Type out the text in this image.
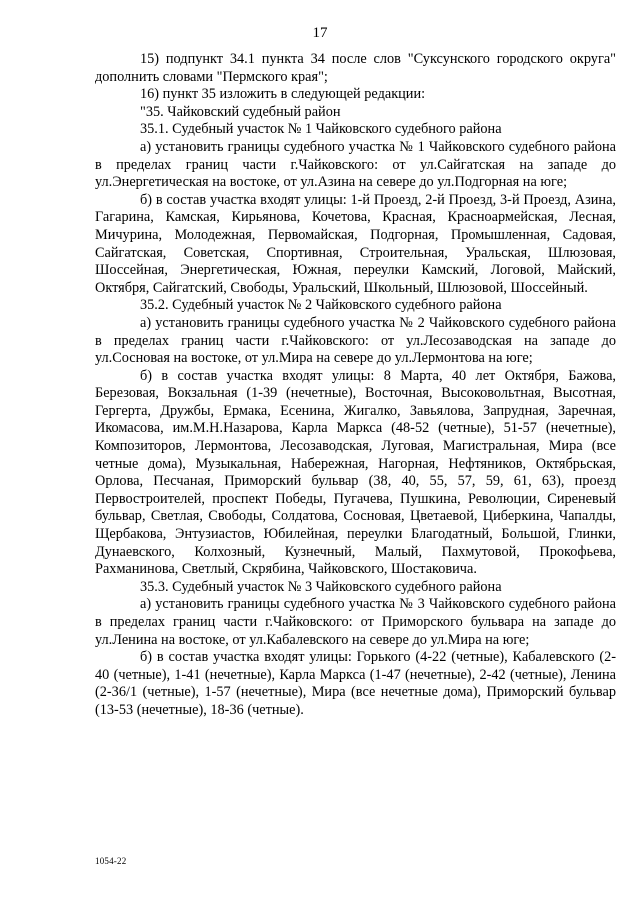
17

15) подпункт 34.1 пункта 34 после слов "Суксунского городского округа" дополнить словами "Пермского края";

16) пункт 35 изложить в следующей редакции:

"35. Чайковский судебный район

35.1. Судебный участок № 1 Чайковского судебного района

а) установить границы судебного участка № 1 Чайковского судебного района в пределах границ части г.Чайковского: от ул.Сайгатская на западе до ул.Энергетическая на востоке, от ул.Азина на севере до ул.Подгорная на юге;

б) в состав участка входят улицы: 1-й Проезд, 2-й Проезд, 3-й Проезд, Азина, Гагарина, Камская, Кирьянова, Кочетова, Красная, Красноармейская, Лесная, Мичурина, Молодежная, Первомайская, Подгорная, Промышленная, Садовая, Сайгатская, Советская, Спортивная, Строительная, Уральская, Шлюзовая, Шоссейная, Энергетическая, Южная, переулки Камский, Логовой, Майский, Октября, Сайгатский, Свободы, Уральский, Школьный, Шлюзовой, Шоссейный.

35.2. Судебный участок № 2 Чайковского судебного района

а) установить границы судебного участка № 2 Чайковского судебного района в пределах границ части г.Чайковского: от ул.Лесозаводская на западе до ул.Сосновая на востоке, от ул.Мира на севере до ул.Лермонтова на юге;

б) в состав участка входят улицы: 8 Марта, 40 лет Октября, Бажова, Березовая, Вокзальная (1-39 (нечетные), Восточная, Высоковольтная, Высотная, Гергерта, Дружбы, Ермака, Есенина, Жигалко, Завьялова, Запрудная, Заречная, Икомасова, им.М.Н.Назарова, Карла Маркса (48-52 (четные), 51-57 (нечетные), Композиторов, Лермонтова, Лесозаводская, Луговая, Магистральная, Мира (все четные дома), Музыкальная, Набережная, Нагорная, Нефтяников, Октябрьская, Орлова, Песчаная, Приморский бульвар (38, 40, 55, 57, 59, 61, 63), проезд Первостроителей, проспект Победы, Пугачева, Пушкина, Революции, Сиреневый бульвар, Светлая, Свободы, Солдатова, Сосновая, Цветаевой, Циберкина, Чапалды, Щербакова, Энтузиастов, Юбилейная, переулки Благодатный, Большой, Глинки, Дунаевского, Колхозный, Кузнечный, Малый, Пахмутовой, Прокофьева, Рахманинова, Светлый, Скрябина, Чайковского, Шостаковича.

35.3. Судебный участок № 3 Чайковского судебного района

а) установить границы судебного участка № 3 Чайковского судебного района в пределах границ части г.Чайковского: от Приморского бульвара на западе до ул.Ленина на востоке, от ул.Кабалевского на севере до ул.Мира на юге;

б) в состав участка входят улицы: Горького (4-22 (четные), Кабалевского (2-40 (четные), 1-41 (нечетные), Карла Маркса (1-47 (нечетные), 2-42 (четные), Ленина (2-36/1 (четные), 1-57 (нечетные), Мира (все нечетные дома), Приморский бульвар (13-53 (нечетные), 18-36 (четные).

1054-22
